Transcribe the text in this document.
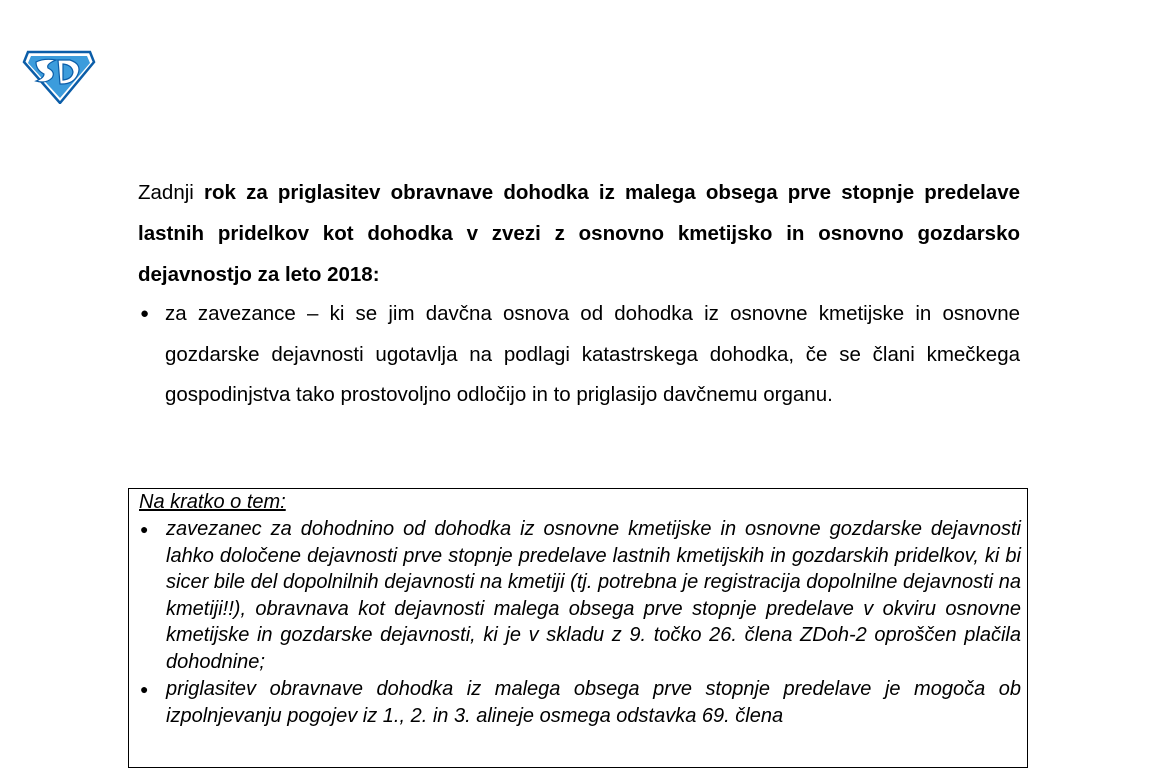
Zadnji rok za priglasitev obravnave dohodka iz malega obsega prve stopnje predelave lastnih pridelkov kot dohodka v zvezi z osnovno kmetijsko in osnovno gozdarsko dejavnostjo za leto 2018:

● za zavezance – ki se jim davčna osnova od dohodka iz osnovne kmetijske in osnovne gozdarske dejavnosti ugotavlja na podlagi katastrskega dohodka, če se člani kmečkega gospodinjstva tako prostovoljno odločijo in to priglasijo davčnemu organu.

Na kratko o tem:

● zavezanec za dohodnino od dohodka iz osnovne kmetijske in osnovne gozdarske dejavnosti lahko določene dejavnosti prve stopnje predelave lastnih kmetijskih in gozdarskih pridelkov, ki bi sicer bile del dopolnilnih dejavnosti na kmetiji (tj. potrebna je registracija dopolnilne dejavnosti na kmetiji!!), obravnava kot dejavnosti malega obsega prve stopnje predelave v okviru osnovne kmetijske in gozdarske dejavnosti, ki je v skladu z 9. točko 26. člena ZDoh-2 oproščen plačila dohodnine;
● priglasitev obravnave dohodka iz malega obsega prve stopnje predelave je mogoča ob izpolnjevanju pogojev iz 1., 2. in 3. alineje osmega odstavka 69. člena
